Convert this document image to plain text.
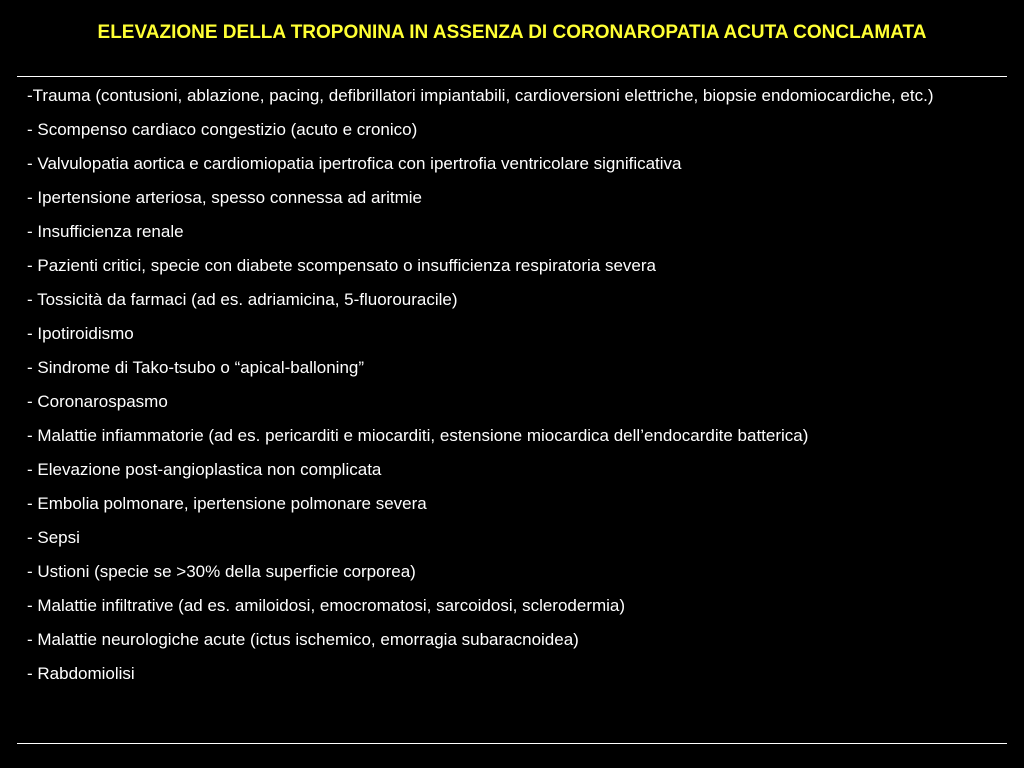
ELEVAZIONE DELLA TROPONINA IN ASSENZA DI CORONAROPATIA ACUTA CONCLAMATA
-Trauma (contusioni, ablazione, pacing, defibrillatori impiantabili, cardioversioni elettriche, biopsie endomiocardiche, etc.)
- Scompenso cardiaco congestizio (acuto e cronico)
- Valvulopatia aortica e cardiomiopatia ipertrofica con ipertrofia ventricolare significativa
- Ipertensione arteriosa, spesso connessa ad aritmie
- Insufficienza renale
- Pazienti critici, specie con diabete scompensato o insufficienza respiratoria severa
- Tossicità da farmaci (ad es. adriamicina, 5-fluorouracile)
- Ipotiroidismo
- Sindrome di Tako-tsubo o “apical-balloning”
- Coronarospasmo
- Malattie infiammatorie (ad es. pericarditi e miocarditi, estensione miocardica dell’endocardite batterica)
- Elevazione post-angioplastica non complicata
- Embolia polmonare, ipertensione polmonare severa
- Sepsi
- Ustioni (specie se >30% della superficie corporea)
- Malattie infiltrative (ad es. amiloidosi, emocromatosi, sarcoidosi, sclerodermia)
- Malattie neurologiche acute (ictus ischemico, emorragia subaracnoidea)
- Rabdomiolisi
